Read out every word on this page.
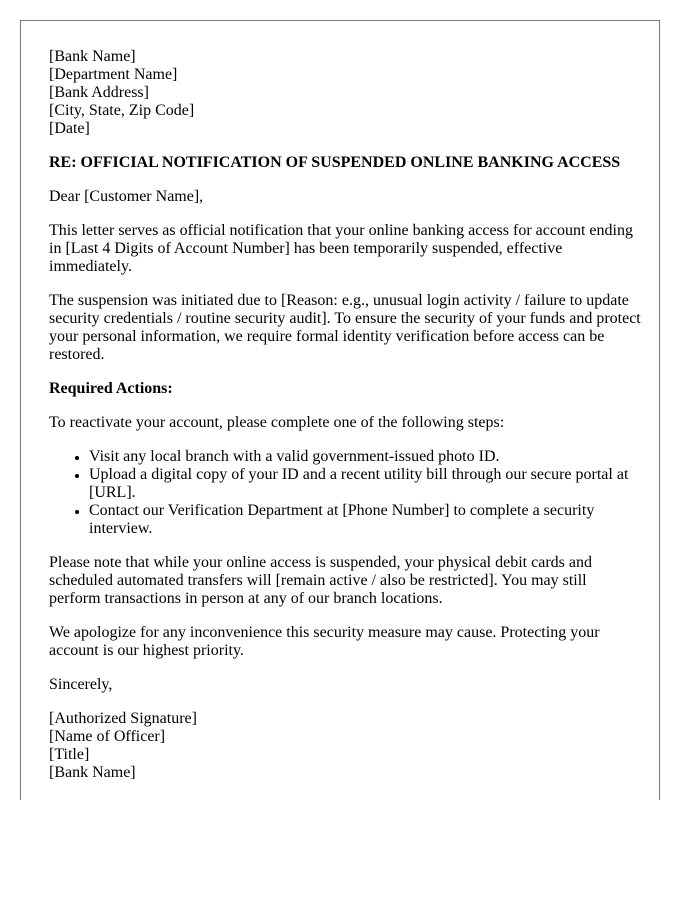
[Bank Name]
[Department Name]
[Bank Address]
[City, State, Zip Code]
[Date]

RE: OFFICIAL NOTIFICATION OF SUSPENDED ONLINE BANKING ACCESS

Dear [Customer Name],

This letter serves as official notification that your online banking access for account ending in [Last 4 Digits of Account Number] has been temporarily suspended, effective immediately.

The suspension was initiated due to [Reason: e.g., unusual login activity / failure to update security credentials / routine security audit]. To ensure the security of your funds and protect your personal information, we require formal identity verification before access can be restored.

Required Actions:

To reactivate your account, please complete one of the following steps:

• Visit any local branch with a valid government-issued photo ID.
• Upload a digital copy of your ID and a recent utility bill through our secure portal at [URL].
• Contact our Verification Department at [Phone Number] to complete a security interview.

Please note that while your online access is suspended, your physical debit cards and scheduled automated transfers will [remain active / also be restricted]. You may still perform transactions in person at any of our branch locations.

We apologize for any inconvenience this security measure may cause. Protecting your account is our highest priority.

Sincerely,

[Authorized Signature]
[Name of Officer]
[Title]
[Bank Name]
